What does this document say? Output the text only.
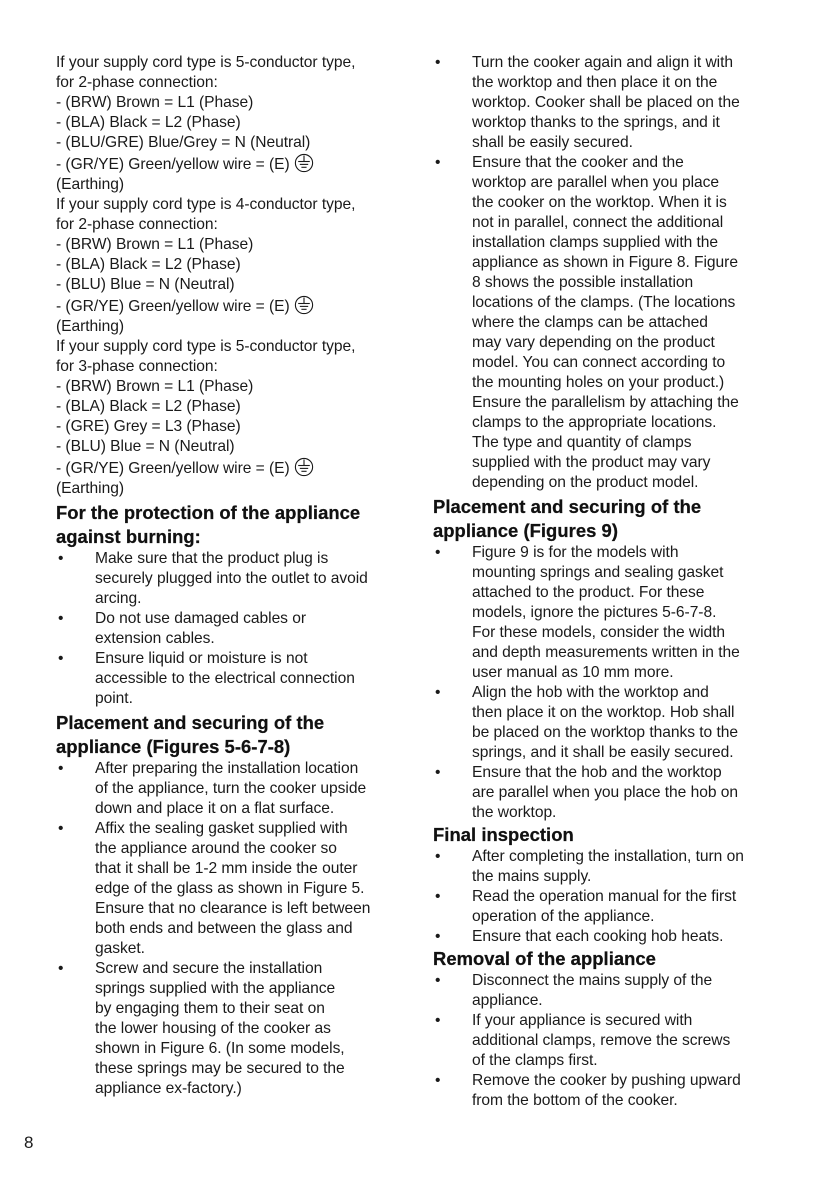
If your supply cord type is 5-conductor type,
for 2-phase connection:
- (BRW) Brown = L1 (Phase)
- (BLA) Black = L2 (Phase)
- (BLU/GRE) Blue/Grey = N (Neutral)
- (GR/YE) Green/yellow wire = (E)
(Earthing)
If your supply cord type is 4-conductor type,
for 2-phase connection:
- (BRW) Brown = L1 (Phase)
- (BLA) Black = L2 (Phase)
- (BLU) Blue = N (Neutral)
- (GR/YE) Green/yellow wire = (E)
(Earthing)
If your supply cord type is 5-conductor type,
for 3-phase connection:
- (BRW) Brown = L1 (Phase)
- (BLA) Black = L2 (Phase)
- (GRE) Grey = L3 (Phase)
- (BLU) Blue = N (Neutral)
- (GR/YE) Green/yellow wire = (E)
(Earthing)
For the protection of the appliance
against burning:
• Make sure that the product plug is
securely plugged into the outlet to avoid
arcing.
• Do not use damaged cables or
extension cables.
• Ensure liquid or moisture is not
accessible to the electrical connection
point.
Placement and securing of the
appliance (Figures 5-6-7-8)
• After preparing the installation location
of the appliance, turn the cooker upside
down and place it on a flat surface.
• Affix the sealing gasket supplied with
the appliance around the cooker so
that it shall be 1-2 mm inside the outer
edge of the glass as shown in Figure 5.
Ensure that no clearance is left between
both ends and between the glass and
gasket.
• Screw and secure the installation
springs supplied with the appliance
by engaging them to their seat on
the lower housing of the cooker as
shown in Figure 6. (In some models,
these springs may be secured to the
appliance ex-factory.)
• Turn the cooker again and align it with
the worktop and then place it on the
worktop. Cooker shall be placed on the
worktop thanks to the springs, and it
shall be easily secured.
• Ensure that the cooker and the
worktop are parallel when you place
the cooker on the worktop. When it is
not in parallel, connect the additional
installation clamps supplied with the
appliance as shown in Figure 8. Figure
8 shows the possible installation
locations of the clamps. (The locations
where the clamps can be attached
may vary depending on the product
model. You can connect according to
the mounting holes on your product.)
Ensure the parallelism by attaching the
clamps to the appropriate locations.
The type and quantity of clamps
supplied with the product may vary
depending on the product model.
Placement and securing of the
appliance (Figures 9)
• Figure 9 is for the models with
mounting springs and sealing gasket
attached to the product. For these
models, ignore the pictures 5-6-7-8.
For these models, consider the width
and depth measurements written in the
user manual as 10 mm more.
• Align the hob with the worktop and
then place it on the worktop. Hob shall
be placed on the worktop thanks to the
springs, and it shall be easily secured.
• Ensure that the hob and the worktop
are parallel when you place the hob on
the worktop.
Final inspection
• After completing the installation, turn on
the mains supply.
• Read the operation manual for the first
operation of the appliance.
• Ensure that each cooking hob heats.
Removal of the appliance
• Disconnect the mains supply of the
appliance.
• If your appliance is secured with
additional clamps, remove the screws
of the clamps first.
• Remove the cooker by pushing upward
from the bottom of the cooker.
8
